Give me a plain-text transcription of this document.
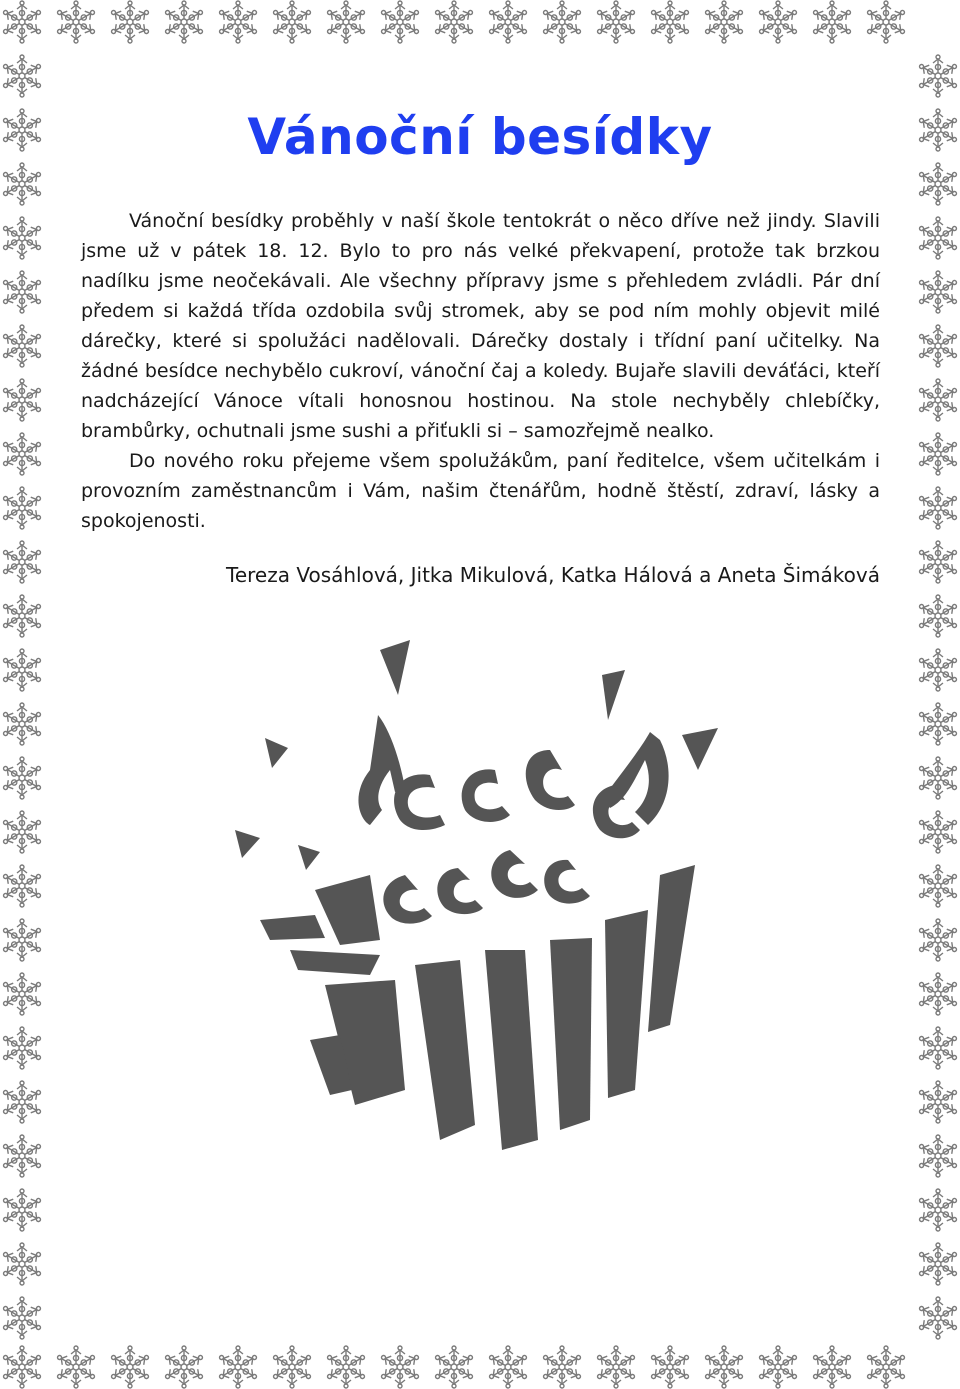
Vánoční besídky

Vánoční besídky proběhly v naší škole tentokrát o něco dříve než jindy. Slavili jsme už v pátek 18. 12. Bylo to pro nás velké překvapení, protože tak brzkou nadílku jsme neočekávali. Ale všechny přípravy jsme s přehledem zvládli. Pár dní předem si každá třída ozdobila svůj stromek, aby se pod ním mohly objevit milé dárečky, které si spolužáci nadělovali. Dárečky dostaly i třídní paní učitelky. Na žádné besídce nechybělo cukroví, vánoční čaj a koledy. Bujaře slavili deváťáci, kteří nadcházející Vánoce vítali honosnou hostinou. Na stole nechyběly chlebíčky, brambůrky, ochutnali jsme sushi a přiťukli si – samozřejmě nealko.

Do nového roku přejeme všem spolužákům, paní ředitelce, všem učitelkám i provozním zaměstnancům i Vám, našim čtenářům, hodně štěstí, zdraví, lásky a spokojenosti.

Tereza Vosáhlová, Jitka Mikulová, Katka Hálová a Aneta Šimáková
